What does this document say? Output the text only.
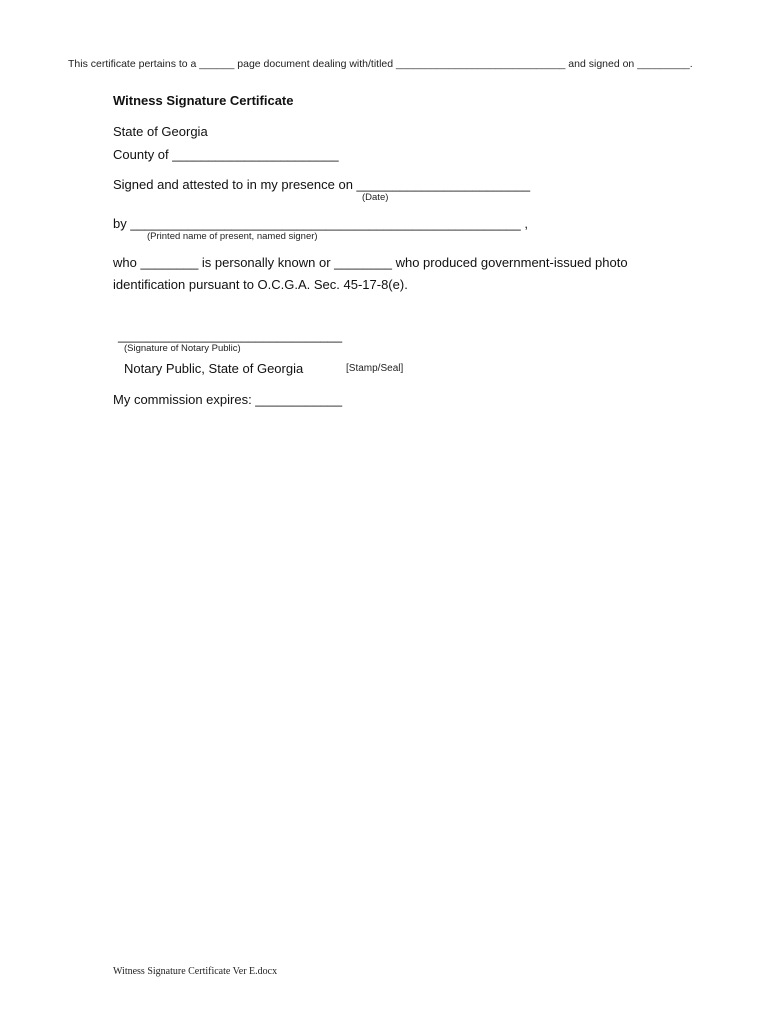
This certificate pertains to a ______ page document dealing with/titled _____________________________ and signed on _________.
Witness Signature Certificate
State of Georgia
County of _______________________
Signed and attested to in my presence on ________________________
(Date)
by ______________________________________________________ ,
(Printed name of present, named signer)
who ________ is personally known or ________ who produced government-issued photo
identification pursuant to O.C.G.A. Sec. 45-17-8(e).
_______________________________
(Signature of Notary Public)
Notary Public, State of Georgia	[Stamp/Seal]
My commission expires: ____________
Witness Signature Certificate Ver E.docx
